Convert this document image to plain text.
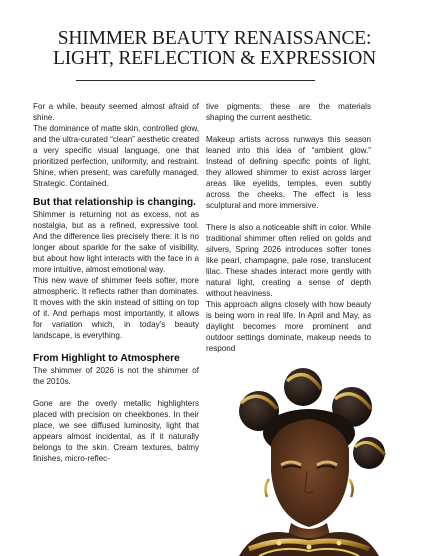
SHIMMER BEAUTY RENAISSANCE:
LIGHT, REFLECTION & EXPRESSION

For a while, beauty seemed almost afraid of shine.

The dominance of matte skin, controlled glow, and the ultra-curated “clean” aesthetic created a very specific visual language, one that prioritized perfection, uniformity, and restraint. Shine, when present, was carefully managed. Strategic. Contained.

But that relationship is changing.

Shimmer is returning not as excess, not as nostalgia, but as a refined, expressive tool. And the difference lies precisely there: it is no longer about sparkle for the sake of visibility, but about how light interacts with the face in a more intuitive, almost emotional way.

This new wave of shimmer feels softer, more atmospheric. It reflects rather than dominates. It moves with the skin instead of sitting on top of it. And perhaps most importantly, it allows for variation which, in today’s beauty landscape, is everything.

From Highlight to Atmosphere

The shimmer of 2026 is not the shimmer of the 2010s.

Gone are the overly metallic highlighters placed with precision on cheekbones. In their place, we see diffused luminosity, light that appears almost incidental, as if it naturally belongs to the skin. Cream textures, balmy finishes, micro-reflec-

tive pigments: these are the materials shaping the current aesthetic.

Makeup artists across runways this season leaned into this idea of “ambient glow.” Instead of defining specific points of light, they allowed shimmer to exist across larger areas like eyelids, temples, even subtly across the cheeks. The effect is less sculptural and more immersive.

There is also a noticeable shift in color. While traditional shimmer often relied on golds and silvers, Spring 2026 introduces softer tones like pearl, champagne, pale rose, translucent lilac. These shades interact more gently with natural light, creating a sense of depth without heaviness.

This approach aligns closely with how beauty is being worn in real life. In April and May, as daylight becomes more prominent and outdoor settings dominate, makeup needs to respond
